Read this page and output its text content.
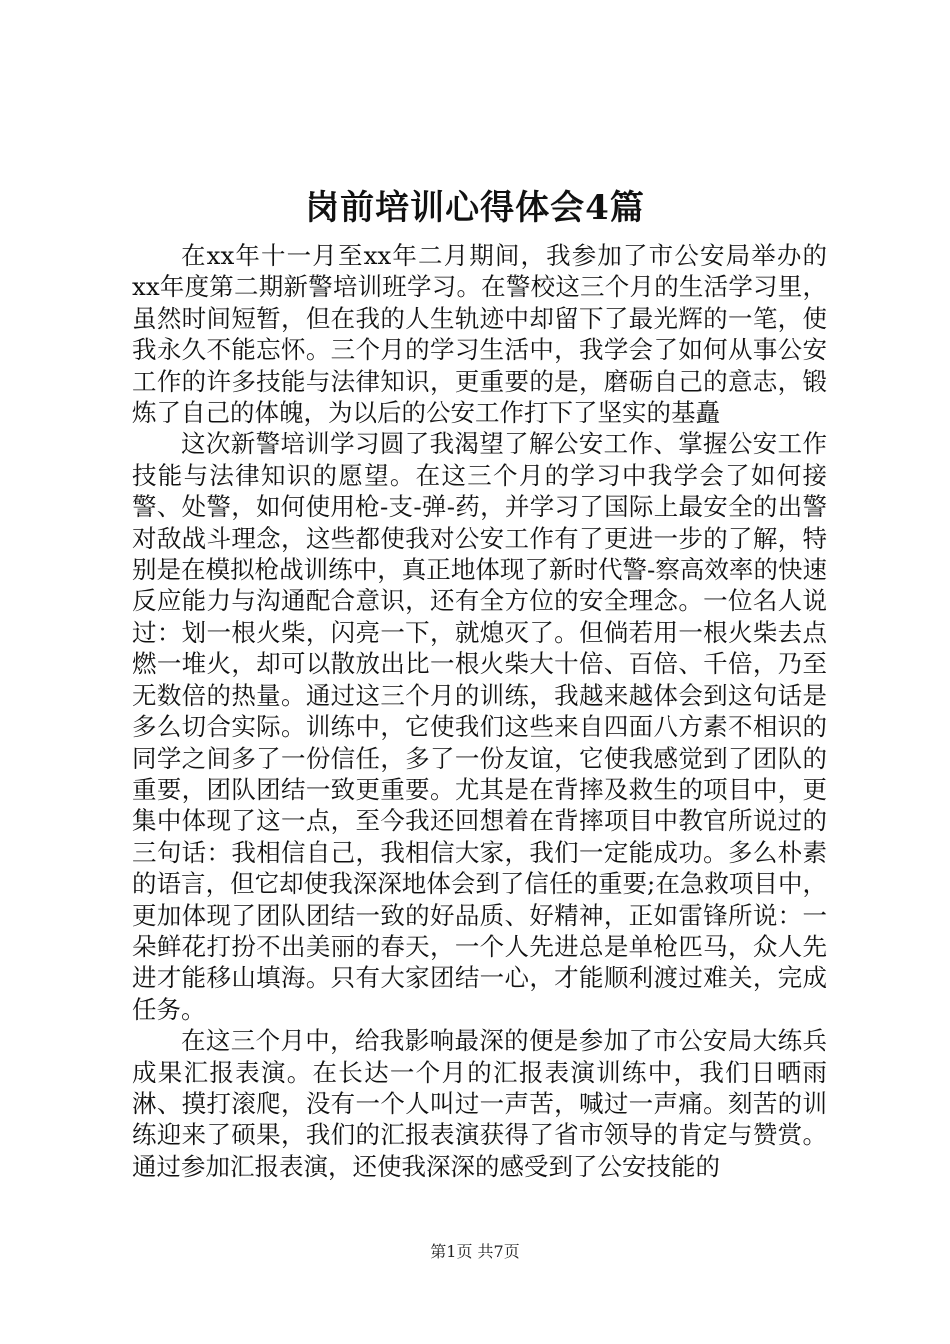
岗前培训心得体会4篇

在xx年十一月至xx年二月期间，我参加了市公安局举办的xx年度第二期新警培训班学习。在警校这三个月的生活学习里，虽然时间短暂，但在我的人生轨迹中却留下了最光辉的一笔，使我永久不能忘怀。三个月的学习生活中，我学会了如何从事公安工作的许多技能与法律知识，更重要的是，磨砺自己的意志，锻炼了自己的体魄，为以后的公安工作打下了坚实的基矗

这次新警培训学习圆了我渴望了解公安工作、掌握公安工作技能与法律知识的愿望。在这三个月的学习中我学会了如何接警、处警，如何使用枪-支-弹-药，并学习了国际上最安全的出警对敌战斗理念，这些都使我对公安工作有了更进一步的了解，特别是在模拟枪战训练中，真正地体现了新时代警-察高效率的快速反应能力与沟通配合意识，还有全方位的安全理念。一位名人说过：划一根火柴，闪亮一下，就熄灭了。但倘若用一根火柴去点燃一堆火，却可以散放出比一根火柴大十倍、百倍、千倍，乃至无数倍的热量。通过这三个月的训练，我越来越体会到这句话是多么切合实际。训练中，它使我们这些来自四面八方素不相识的同学之间多了一份信任，多了一份友谊，它使我感觉到了团队的重要，团队团结一致更重要。尤其是在背摔及救生的项目中，更集中体现了这一点，至今我还回想着在背摔项目中教官所说过的三句话：我相信自己，我相信大家，我们一定能成功。多么朴素的语言，但它却使我深深地体会到了信任的重要;在急救项目中，更加体现了团队团结一致的好品质、好精神，正如雷锋所说：一朵鲜花打扮不出美丽的春天，一个人先进总是单枪匹马，众人先进才能移山填海。只有大家团结一心，才能顺利渡过难关，完成任务。

在这三个月中，给我影响最深的便是参加了市公安局大练兵成果汇报表演。在长达一个月的汇报表演训练中，我们日晒雨淋、摸打滚爬，没有一个人叫过一声苦，喊过一声痛。刻苦的训练迎来了硕果，我们的汇报表演获得了省市领导的肯定与赞赏。通过参加汇报表演，还使我深深的感受到了公安技能的

第1页 共7页
